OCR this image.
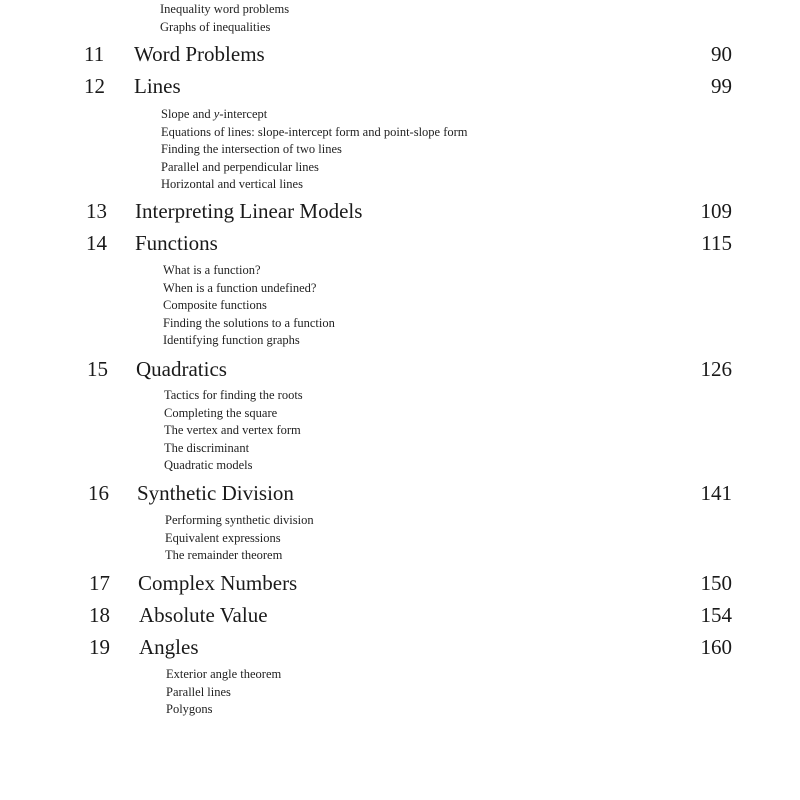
Inequality word problems
Graphs of inequalities
11 Word Problems	90
12 Lines	99
Slope and y-intercept
Equations of lines: slope-intercept form and point-slope form
Finding the intersection of two lines
Parallel and perpendicular lines
Horizontal and vertical lines
13 Interpreting Linear Models	109
14 Functions	115
What is a function?
When is a function undefined?
Composite functions
Finding the solutions to a function
Identifying function graphs
15 Quadratics	126
Tactics for finding the roots
Completing the square
The vertex and vertex form
The discriminant
Quadratic models
16 Synthetic Division	141
Performing synthetic division
Equivalent expressions
The remainder theorem
17 Complex Numbers	150
18 Absolute Value	154
19 Angles	160
Exterior angle theorem
Parallel lines
Polygons
